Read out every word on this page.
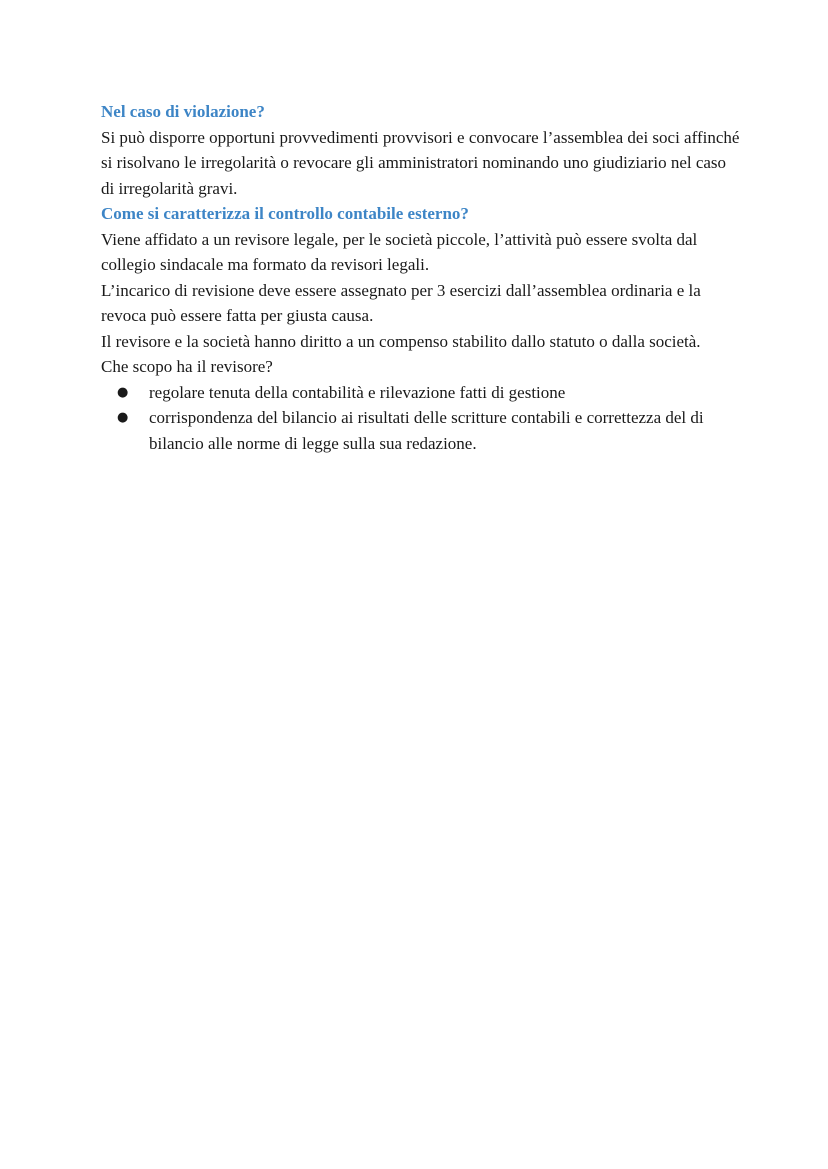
Nel caso di violazione?

Si può disporre opportuni provvedimenti provvisori e convocare l’assemblea dei soci affinché si risolvano le irregolarità o revocare gli amministratori nominando uno giudiziario nel caso di irregolarità gravi.

Come si caratterizza il controllo contabile esterno?

Viene affidato a un revisore legale, per le società piccole, l’attività può essere svolta dal collegio sindacale ma formato da revisori legali.

L’incarico di revisione deve essere assegnato per 3 esercizi dall’assemblea ordinaria e la revoca può essere fatta per giusta causa.

Il revisore e la società hanno diritto a un compenso stabilito dallo statuto o dalla società.

Che scopo ha il revisore?

● regolare tenuta della contabilità e rilevazione fatti di gestione
● corrispondenza del bilancio ai risultati delle scritture contabili e correttezza del di bilancio alle norme di legge sulla sua redazione.
